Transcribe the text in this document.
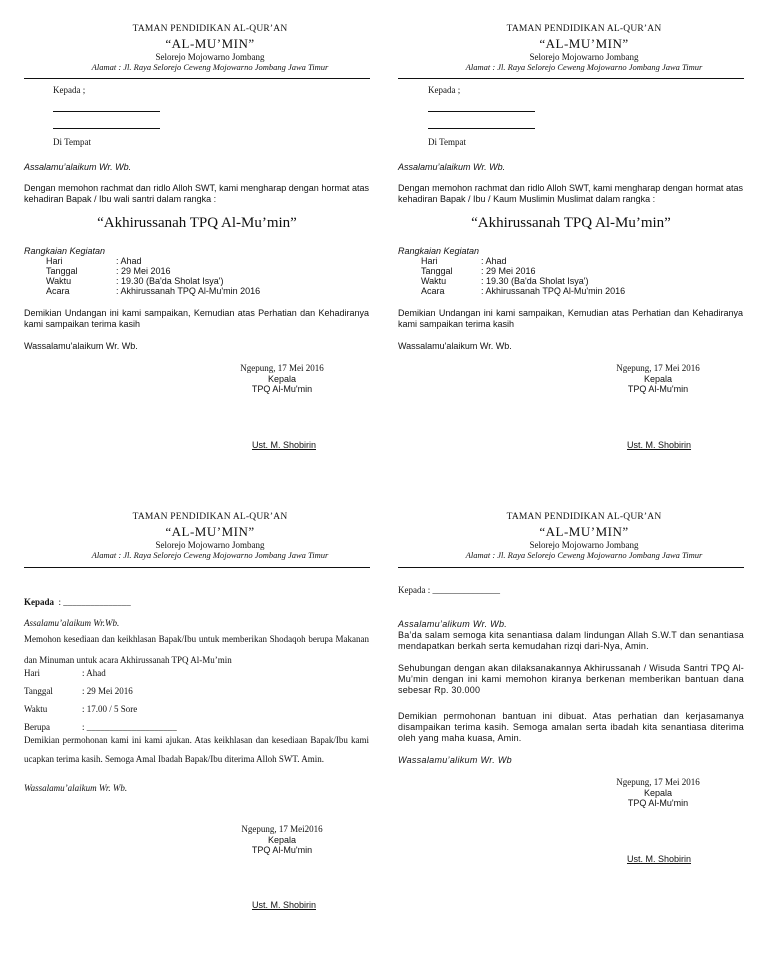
TAMAN PENDIDIKAN AL-QUR’AN
“AL-MU’MIN”
Selorejo Mojowarno Jombang
Alamat : Jl. Raya Selorejo Ceweng Mojowarno Jombang Jawa Timur
Kepada ;
Di Tempat
Assalamu’alaikum Wr. Wb.
Dengan memohon rachmat dan ridlo Alloh SWT, kami mengharap dengan hormat atas kehadiran Bapak / Ibu wali santri dalam rangka :
“Akhirussanah TPQ Al-Mu’min”
Rangkaian Kegiatan
Hari	: Ahad
Tanggal	: 29 Mei 2016
Waktu	: 19.30 (Ba'da Sholat Isya')
Acara	: Akhirussanah TPQ Al-Mu'min 2016
Demikian Undangan ini kami sampaikan, Kemudian atas Perhatian dan Kehadiranya kami sampaikan terima kasih
Wassalamu'alaikum Wr. Wb.
Ngepung, 17 Mei 2016
Kepala
TPQ Al-Mu'min
Ust. M. Shobirin
TAMAN PENDIDIKAN AL-QUR’AN
“AL-MU’MIN”
Selorejo Mojowarno Jombang
Alamat : Jl. Raya Selorejo Ceweng Mojowarno Jombang Jawa Timur
Kepada ;
Di Tempat
Assalamu’alaikum Wr. Wb.
Dengan memohon rachmat dan ridlo Alloh SWT, kami mengharap dengan hormat atas kehadiran Bapak / Ibu / Kaum Muslimin Muslimat dalam rangka :
“Akhirussanah TPQ Al-Mu’min”
Rangkaian Kegiatan
Hari	: Ahad
Tanggal	: 29 Mei 2016
Waktu	: 19.30 (Ba'da Sholat Isya')
Acara	: Akhirussanah TPQ Al-Mu'min 2016
Demikian Undangan ini kami sampaikan, Kemudian atas Perhatian dan Kehadiranya kami sampaikan terima kasih
Wassalamu'alaikum Wr. Wb.
Ngepung, 17 Mei 2016
Kepala
TPQ Al-Mu'min
Ust. M. Shobirin
TAMAN PENDIDIKAN AL-QUR’AN
“AL-MU’MIN”
Selorejo Mojowarno Jombang
Alamat : Jl. Raya Selorejo Ceweng Mojowarno Jombang Jawa Timur
Kepada : _______________
Assalamu’alaikum Wr.Wb.
Memohon kesediaan dan keikhlasan Bapak/Ibu untuk memberikan Shodaqoh berupa Makanan dan Minuman untuk acara Akhirussanah TPQ Al-Mu’min
Hari	: Ahad
Tanggal	: 29 Mei 2016
Waktu	: 17.00 / 5 Sore
Berupa	: ____________________
Demikian permohonan kami ini kami ajukan. Atas keikhlasan dan kesediaan Bapak/Ibu kami ucapkan terima kasih. Semoga Amal Ibadah Bapak/Ibu diterima Alloh SWT. Amin.
Wassalamu’alaikum Wr. Wb.
Ngepung, 17 Mei2016
Kepala
TPQ Al-Mu'min
Ust. M. Shobirin
TAMAN PENDIDIKAN AL-QUR’AN
“AL-MU’MIN”
Selorejo Mojowarno Jombang
Alamat : Jl. Raya Selorejo Ceweng Mojowarno Jombang Jawa Timur
Kepada : _______________
Assalamu’alikum Wr. Wb.
Ba’da salam semoga kita senantiasa dalam lindungan Allah S.W.T dan senantiasa mendapatkan berkah serta kemudahan rizqi dari-Nya, Amin.
Sehubungan dengan akan dilaksanakannya Akhirussanah / Wisuda Santri TPQ Al-Mu’min dengan ini kami memohon kiranya berkenan memberikan bantuan dana sebesar Rp. 30.000
Demikian permohonan bantuan ini dibuat. Atas perhatian dan kerjasamanya disampaikan terima kasih. Semoga amalan serta ibadah kita senantiasa diterima oleh yang maha kuasa, Amin.
Wassalamu’alikum Wr. Wb
Ngepung, 17 Mei 2016
Kepala
TPQ Al-Mu'min
Ust. M. Shobirin
